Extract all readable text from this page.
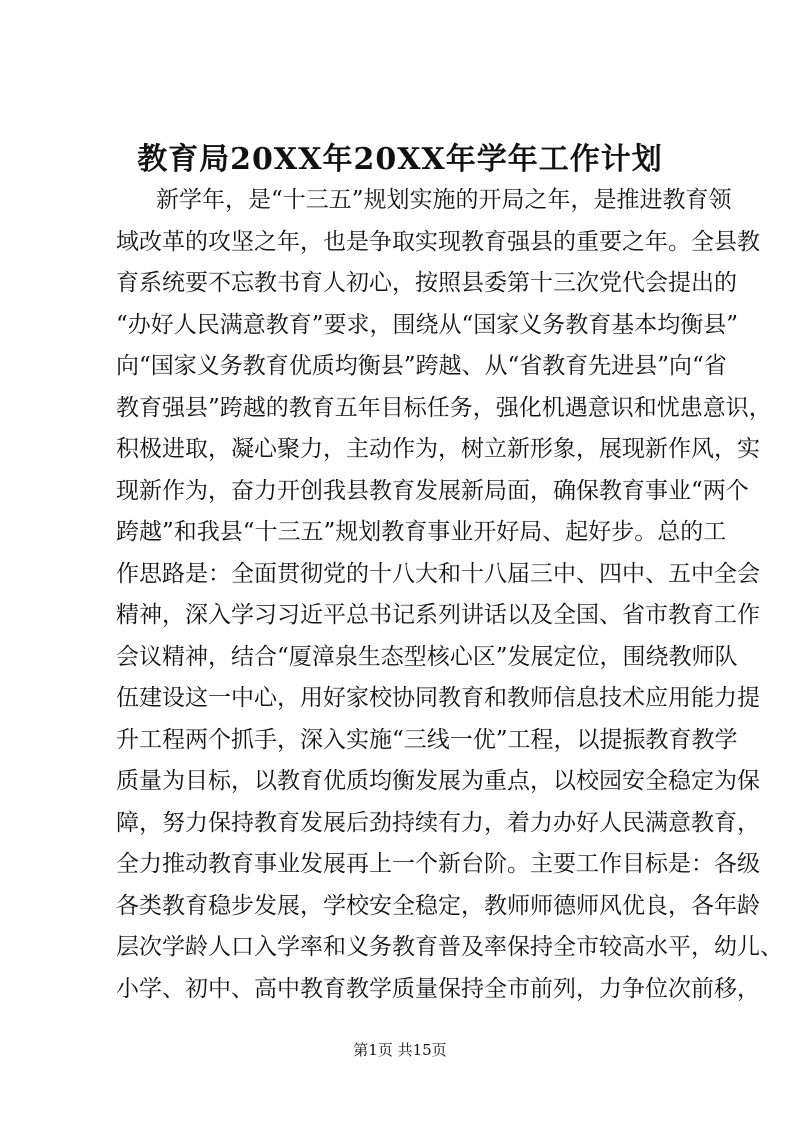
教育局20XX年20XX年学年工作计划
新学年，是“十三五”规划实施的开局之年，是推进教育领
域改革的攻坚之年，也是争取实现教育强县的重要之年。全县教
育系统要不忘教书育人初心，按照县委第十三次党代会提出的
“办好人民满意教育”要求，围绕从“国家义务教育基本均衡县”
向“国家义务教育优质均衡县”跨越、从“省教育先进县”向“省
教育强县”跨越的教育五年目标任务，强化机遇意识和忧患意识，
积极进取，凝心聚力，主动作为，树立新形象，展现新作风，实
现新作为，奋力开创我县教育发展新局面，确保教育事业“两个
跨越”和我县“十三五”规划教育事业开好局、起好步。总的工
作思路是：全面贯彻党的十八大和十八届三中、四中、五中全会
精神，深入学习习近平总书记系列讲话以及全国、省市教育工作
会议精神，结合“厦漳泉生态型核心区”发展定位，围绕教师队
伍建设这一中心，用好家校协同教育和教师信息技术应用能力提
升工程两个抓手，深入实施“三线一优”工程，以提振教育教学
质量为目标，以教育优质均衡发展为重点，以校园安全稳定为保
障，努力保持教育发展后劲持续有力，着力办好人民满意教育，
全力推动教育事业发展再上一个新台阶。主要工作目标是：各级
各类教育稳步发展，学校安全稳定，教师师德师风优良，各年龄
层次学龄人口入学率和义务教育普及率保持全市较高水平，幼儿、
小学、初中、高中教育教学质量保持全市前列，力争位次前移，
第1页 共15页
